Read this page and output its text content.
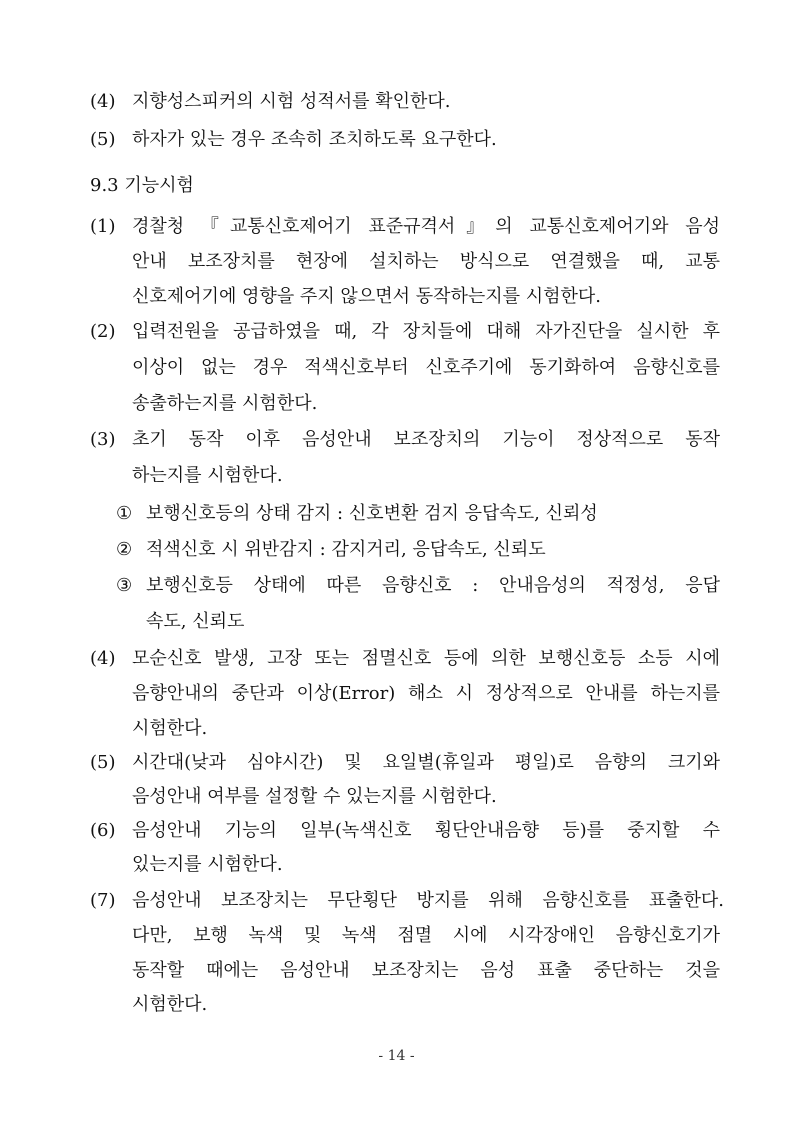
(4) 지향성스피커의 시험 성적서를 확인한다.
(5) 하자가 있는 경우 조속히 조치하도록 요구한다.
9.3 기능시험
(1) 경찰청 『교통신호제어기 표준규격서』의 교통신호제어기와 음성
안내 보조장치를 현장에 설치하는 방식으로 연결했을 때, 교통
신호제어기에 영향을 주지 않으면서 동작하는지를 시험한다.
(2) 입력전원을 공급하였을 때, 각 장치들에 대해 자가진단을 실시한 후
이상이 없는 경우 적색신호부터 신호주기에 동기화하여 음향신호를
송출하는지를 시험한다.
(3) 초기 동작 이후 음성안내 보조장치의 기능이 정상적으로 동작
하는지를 시험한다.
① 보행신호등의 상태 감지 : 신호변환 검지 응답속도, 신뢰성
② 적색신호 시 위반감지 : 감지거리, 응답속도, 신뢰도
③ 보행신호등 상태에 따른 음향신호 : 안내음성의 적정성, 응답
속도, 신뢰도
(4) 모순신호 발생, 고장 또는 점멸신호 등에 의한 보행신호등 소등 시에
음향안내의 중단과 이상(Error) 해소 시 정상적으로 안내를 하는지를
시험한다.
(5) 시간대(낮과 심야시간) 및 요일별(휴일과 평일)로 음향의 크기와
음성안내 여부를 설정할 수 있는지를 시험한다.
(6) 음성안내 기능의 일부(녹색신호 횡단안내음향 등)를 중지할 수
있는지를 시험한다.
(7) 음성안내 보조장치는 무단횡단 방지를 위해 음향신호를 표출한다.
다만, 보행 녹색 및 녹색 점멸 시에 시각장애인 음향신호기가
동작할 때에는 음성안내 보조장치는 음성 표출 중단하는 것을
시험한다.
- 14 -
